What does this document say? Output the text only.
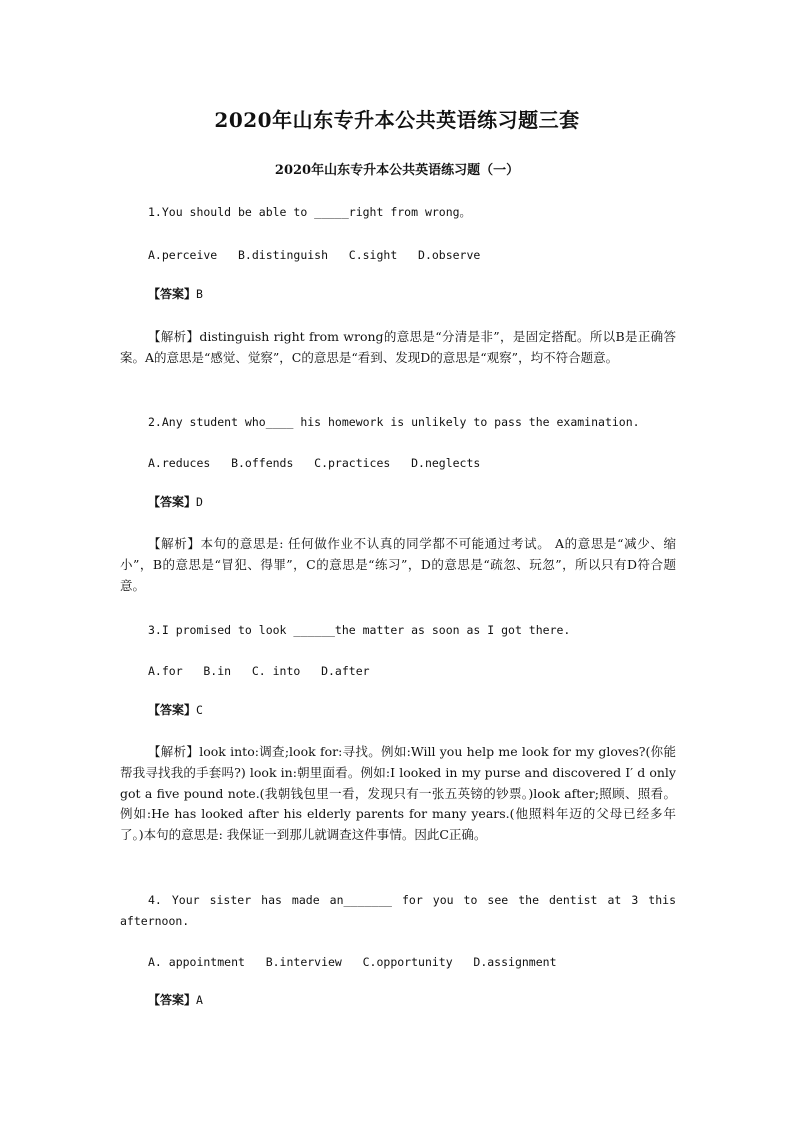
2020年山东专升本公共英语练习题三套
2020年山东专升本公共英语练习题（一）

1.You should be able to _____right from wrong。

A.perceive   B.distinguish   C.sight   D.observe

【答案】B

【解析】distinguish right from wrong的意思是“分清是非”，是固定搭配。所以B是正确答案。A的意思是“感觉、觉察”，C的意思是“看到、发现D的意思是“观察”，均不符合题意。

2.Any student who____ his homework is unlikely to pass the examination.

A.reduces   B.offends   C.practices   D.neglects

【答案】D

【解析】本句的意思是: 任何做作业不认真的同学都不可能通过考试。 A的意思是“减少、缩小”，B的意思是“冒犯、得罪”，C的意思是“练习”，D的意思是“疏忽、玩忽”，所以只有D符合题意。

3.I promised to look ______the matter as soon as I got there.

A.for   B.in   C. into   D.after

【答案】C

【解析】look into:调查;look for:寻找。例如:Will you help me look for my gloves?(你能帮我寻找我的手套吗?) look in:朝里面看。例如:I looked in my purse and discovered I′ d only got a five pound note.(我朝钱包里一看，发现只有一张五英镑的钞票。)look after;照顾、照看。例如:He has looked after his elderly parents for many years.(他照料年迈的父母已经多年了。)本句的意思是: 我保证一到那儿就调查这件事情。因此C正确。

4. Your sister has made an_______ for you to see the dentist at 3 this afternoon.

A. appointment   B.interview   C.opportunity   D.assignment

【答案】A
